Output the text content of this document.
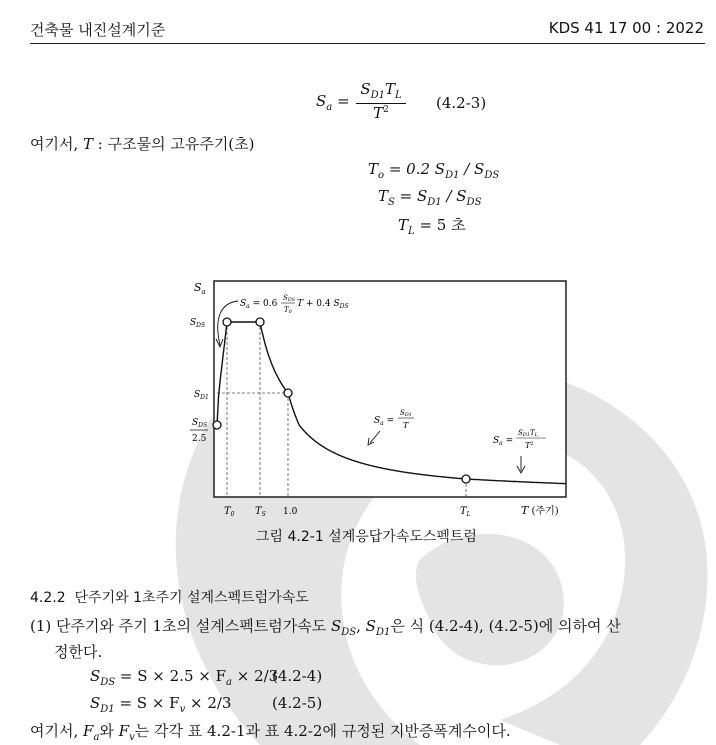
건축물 내진설계기준	KDS 41 17 00 : 2022
$S_a$ =
$S_{D1}T_L$
$T^2$	(4.2-3)
여기서, T : 구조물의 고유주기(초)
$T_o = 0.2$ $S_{D1} / S_{DS}$
$T_S = S_{D1} / S_{DS}$
$T_L = 5$ 초
$S_a$
$S_{DS}$
$S_{D1}$
$S_{DS}$
2.5
$T_0$ $T_S$ 1.0	$T_L$	T (주기)
$S_a = 0.6$
SDS
T0
T + 0.4 $S_{DS}$
$S_a$ =
SD1
T
$S_a$ =
SD1TL
$T^2$
그림 4.2-1 설계응답가속도스펙트럼
4.2.2 단주기와 1초주기 설계스펙트럼가속도
(1) 단주기와 주기 1초의 설계스펙트럼가속도 $S_{DS}$, $S_{D1}$은 식 (4.2-4), (4.2-5)에 의하여 산
정한다.
$S_{DS} = S \times 2.5 \times F_a \times 2/3$
(4.2-4)
$S_{D1} = S \times F_v \times 2/3$	(4.2-5)
여기서, $F_a$와 $F_v$는 각각 표 4.2-1과 표 4.2-2에 규정된 지반증폭계수이다.
